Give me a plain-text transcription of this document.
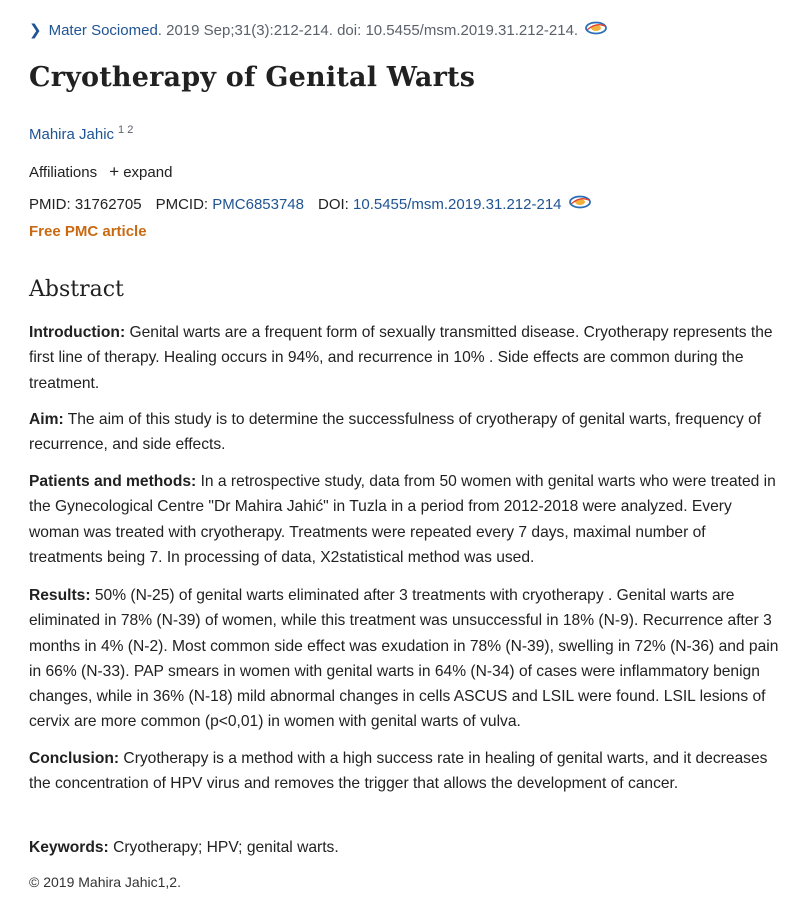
❯ Mater Sociomed . 2019 Sep;31(3):212-214. doi: 10.5455/msm.2019.31.212-214.
Cryotherapy of Genital Warts
Mahira Jahic $^{1 2}$
Affiliations + expand
PMID:
31762705 PMCID:
PMC6853748 DOI:
10.5455/msm.2019.31.212-214
Free PMC article
Abstract

Introduction: Genital warts are a frequent form of sexually transmitted disease. Cryotherapy represents the first line of therapy. Healing occurs in 94%, and recurrence in 10% . Side effects are common during the treatment.

Aim: The aim of this study is to determine the successfulness of cryotherapy of genital warts, frequency of recurrence, and side effects.

Patients and methods: In a retrospective study, data from 50 women with genital warts who were treated in the Gynecological Centre "Dr Mahira Jahić" in Tuzla in a period from 2012-2018 were analyzed. Every woman was treated with cryotherapy. Treatments were repeated every 7 days, maximal number of treatments being 7. In processing of data, X2statistical method was used.

Results: 50% (N-25) of genital warts eliminated after 3 treatments with cryotherapy . Genital warts are eliminated in 78% (N-39) of women, while this treatment was unsuccessful in 18% (N-9). Recurrence after 3 months in 4% (N-2). Most common side effect was exudation in 78% (N-39), swelling in 72% (N-36) and pain in 66% (N-33). PAP smears in women with genital warts in 64% (N-34) of cases were inflammatory benign changes, while in 36% (N-18) mild abnormal changes in cells ASCUS and LSIL were found. LSIL lesions of cervix are more common (p<0,01) in women with genital warts of vulva.

Conclusion: Cryotherapy is a method with a high success rate in healing of genital warts, and it decreases the concentration of HPV virus and removes the trigger that allows the development of cancer.

Keywords: Cryotherapy; HPV; genital warts.

© 2019 Mahira Jahic1,2.
